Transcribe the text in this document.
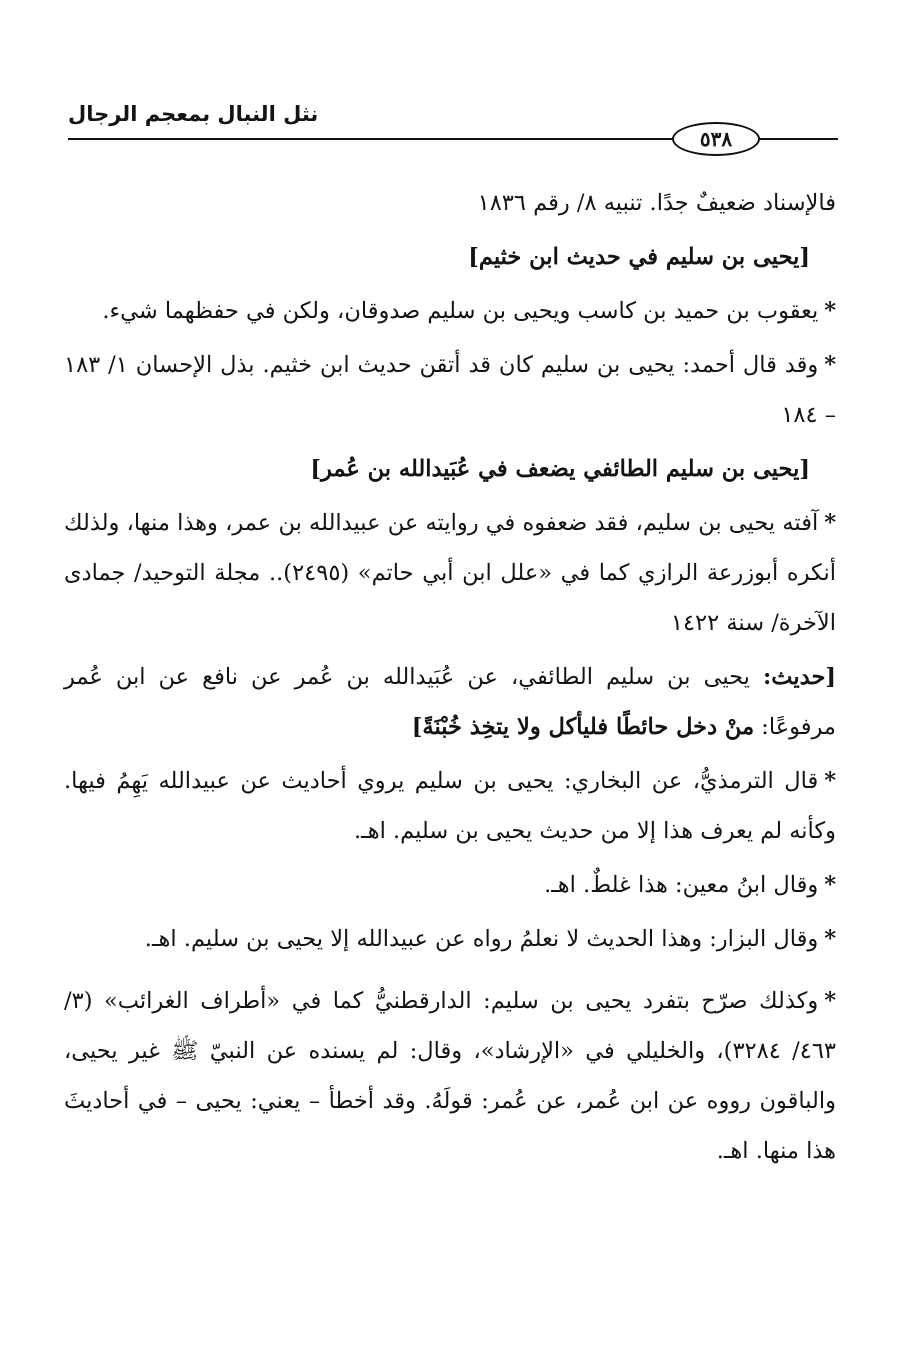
نثل النبال بمعجم الرجال
٥٣٨

فالإسناد ضعيفٌ جدًا. تنبيه ٨/ رقم ١٨٣٦

[يحيى بن سليم في حديث ابن خثيم]

*يعقوب بن حميد بن كاسب ويحيى بن سليم صدوقان، ولكن في حفظهما شيء.

*وقد قال أحمد: يحيى بن سليم كان قد أتقن حديث ابن خثيم. بذل الإحسان ١/ ١٨٣ – ١٨٤

[يحيى بن سليم الطائفي يضعف في عُبَيدالله بن عُمر]

*آفته يحيى بن سليم، فقد ضعفوه في روايته عن عبيدالله بن عمر، وهذا منها، ولذلك أنكره أبوزرعة الرازي كما في «علل ابن أبي حاتم» (٢٤٩٥).. مجلة التوحيد/ جمادى الآخرة/ سنة ١٤٢٢

[حديث: يحيى بن سليم الطائفي، عن عُبَيدالله بن عُمر عن نافع عن ابن عُمر مرفوعًا: منْ دخل حائطًا فليأكل ولا يتخِذ خُبْنَةً]

*قال الترمذيُّ، عن البخاري: يحيى بن سليم يروي أحاديث عن عبيدالله يَهِمُ فيها. وكأنه لم يعرف هذا إلا من حديث يحيى بن سليم. اهـ.

*وقال ابنُ معين: هذا غلطٌ. اهـ.

*وقال البزار: وهذا الحديث لا نعلمُ رواه عن عبيدالله إلا يحيى بن سليم. اهـ.

*وكذلك صرّح بتفرد يحيى بن سليم: الدارقطنيُّ كما في «أطراف الغرائب» (٣/ ٤٦٣/ ٣٢٨٤)، والخليلي في «الإرشاد»، وقال: لم يسنده عن النبيّ ﷺ غير يحيى، والباقون رووه عن ابن عُمر، عن عُمر: قولَهُ. وقد أخطأ – يعني: يحيى – في أحاديثَ هذا منها. اهـ.
